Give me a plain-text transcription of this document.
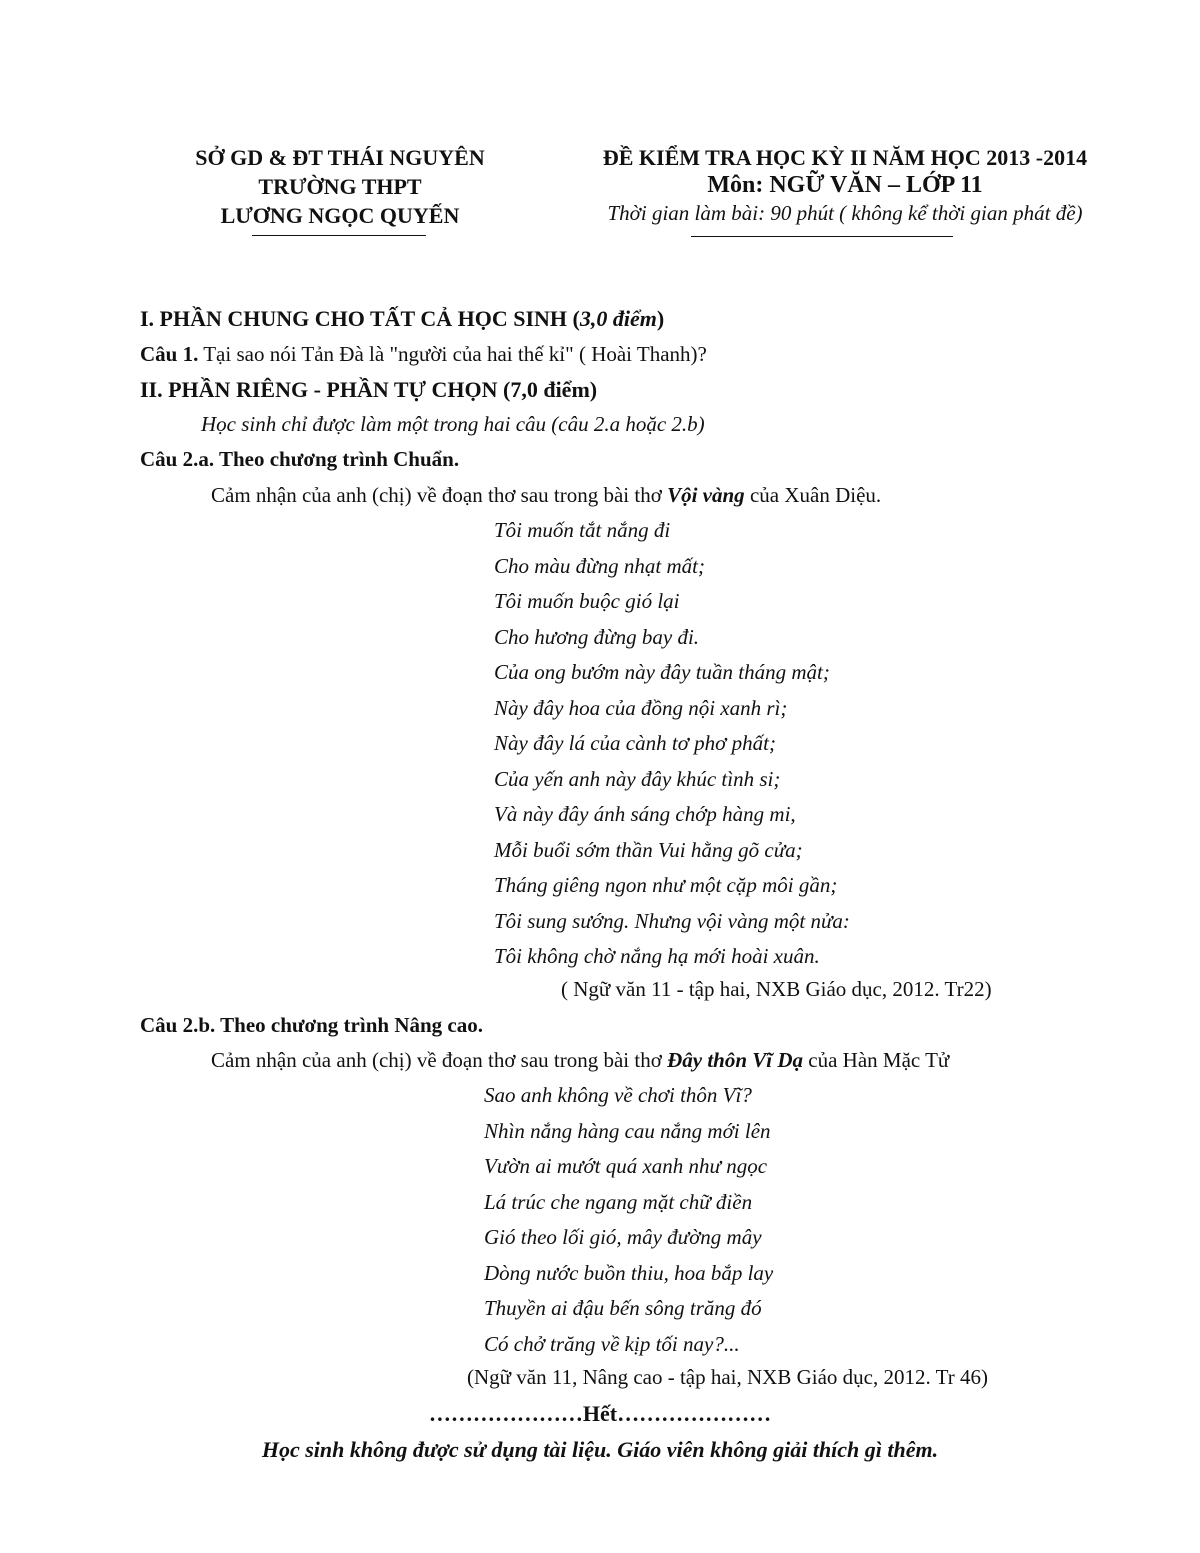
SỞ GD & ĐT THÁI NGUYÊN
TRƯỜNG THPT
LƯƠNG NGỌC QUYẾN
ĐỀ KIỂM TRA HỌC KỲ II NĂM HỌC 2013 -2014
Môn: NGỮ VĂN – LỚP 11
Thời gian làm bài: 90 phút ( không kể thời gian phát đề)
I. PHẦN CHUNG CHO TẤT CẢ HỌC SINH (3,0 điểm)
Câu 1. Tại sao nói Tản Đà là "người của hai thế kỉ" ( Hoài Thanh)?
II. PHẦN RIÊNG - PHẦN TỰ CHỌN (7,0 điểm)
Học sinh chỉ được làm một trong hai câu (câu 2.a hoặc 2.b)
Câu 2.a. Theo chương trình Chuẩn.
Cảm nhận của anh (chị) về đoạn thơ sau trong bài thơ Vội vàng của Xuân Diệu.
Tôi muốn tắt nắng đi
Cho màu đừng nhạt mất;
Tôi muốn buộc gió lại
Cho hương đừng bay đi.
Của ong bướm này đây tuần tháng mật;
Này đây hoa của đồng nội xanh rì;
Này đây lá của cành tơ phơ phất;
Của yến anh này đây khúc tình si;
Và này đây ánh sáng chớp hàng mi,
Mỗi buổi sớm thần Vui hằng gõ cửa;
Tháng giêng ngon như một cặp môi gần;
Tôi sung sướng. Nhưng vội vàng một nửa:
Tôi không chờ nắng hạ mới hoài xuân.
( Ngữ văn 11 - tập hai, NXB Giáo dục, 2012. Tr22)
Câu 2.b. Theo chương trình Nâng cao.
Cảm nhận của anh (chị) về đoạn thơ sau trong bài thơ Đây thôn Vĩ Dạ của Hàn Mặc Tử
Sao anh không về chơi thôn Vĩ?
Nhìn nắng hàng cau nắng mới lên
Vườn ai mướt quá xanh như ngọc
Lá trúc che ngang mặt chữ điền
Gió theo lối gió, mây đường mây
Dòng nước buồn thiu, hoa bắp lay
Thuyền ai đậu bến sông trăng đó
Có chở trăng về kịp tối nay?...
(Ngữ văn 11, Nâng cao - tập hai, NXB Giáo dục, 2012. Tr 46)
…………………Hết…………………
Học sinh không được sử dụng tài liệu. Giáo viên không giải thích gì thêm.
